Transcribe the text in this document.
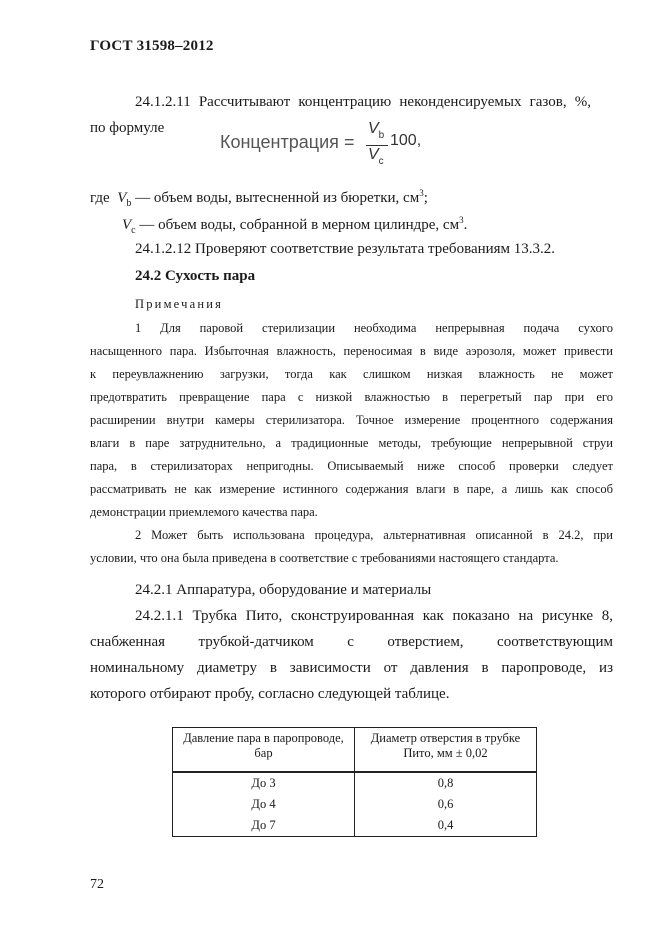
ГОСТ 31598–2012
24.1.2.11 Рассчитывают концентрацию неконденсируемых газов, %,
по формуле
Концентрация =
$V_b$
$V_c$
100,
где $V_b$ — объем воды, вытесненной из бюретки, $см^3$;
$V_c$ — объем воды, собранной в мерном цилиндре, $см^3$.
24.1.2.12 Проверяют соответствие результата требованиям 13.3.2.
24.2 Сухость пара
Примечания
1 Для паровой стерилизации необходима непрерывная подача сухого
насыщенного пара. Избыточная влажность, переносимая в виде аэрозоля, может привести
к переувлажнению загрузки, тогда как слишком низкая влажность не может
предотвратить превращение пара с низкой влажностью в перегретый пар при его
расширении внутри камеры стерилизатора. Точное измерение процентного содержания
влаги в паре затруднительно, а традиционные методы, требующие непрерывной струи
пара, в стерилизаторах непригодны. Описываемый ниже способ проверки следует
рассматривать не как измерение истинного содержания влаги в паре, а лишь как способ
демонстрации приемлемого качества пара.
2 Может быть использована процедура, альтернативная описанной в 24.2, при
условии, что она была приведена в соответствие с требованиями настоящего стандарта.
24.2.1 Аппаратура, оборудование и материалы
24.2.1.1 Трубка Пито, сконструированная как показано на рисунке 8,
снабженная трубкой-датчиком с отверстием, соответствующим
номинальному диаметру в зависимости от давления в паропроводе, из
которого отбирают пробу, согласно следующей таблице.
Давление пара в паропроводе, бар	Диаметр отверстия в трубке Пито, мм ± 0,02
До 3	0,8
До 4	0,6
До 7	0,4
72
